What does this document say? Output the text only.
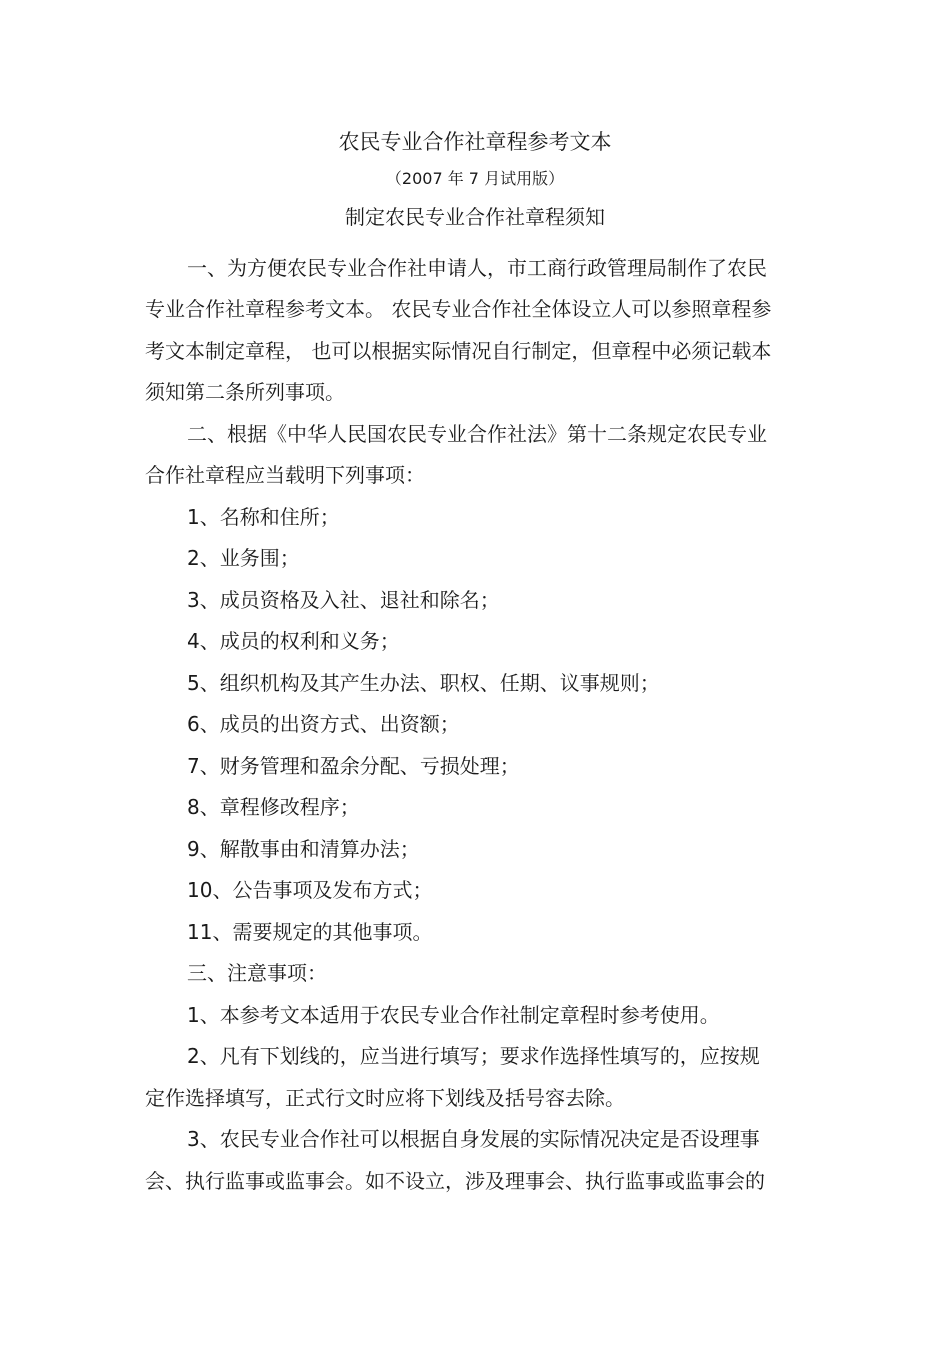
农民专业合作社章程参考文本
（2007 年 7 月试用版）
制定农民专业合作社章程须知
一、为方便农民专业合作社申请人，市工商行政管理局制作了农民
专业合作社章程参考文本。 农民专业合作社全体设立人可以参照章程参
考文本制定章程， 也可以根据实际情况自行制定，但章程中必须记载本
须知第二条所列事项。
二、根据《中华人民国农民专业合作社法》第十二条规定农民专业
合作社章程应当载明下列事项：
1、名称和住所；
2、业务围；
3、成员资格及入社、退社和除名；
4、成员的权利和义务；
5、组织机构及其产生办法、职权、任期、议事规则；
6、成员的出资方式、出资额；
7、财务管理和盈余分配、亏损处理；
8、章程修改程序；
9、解散事由和清算办法；
10、公告事项及发布方式；
11、需要规定的其他事项。
三、注意事项：
1、本参考文本适用于农民专业合作社制定章程时参考使用。
2、凡有下划线的，应当进行填写；要求作选择性填写的，应按规
定作选择填写，正式行文时应将下划线及括号容去除。
3、农民专业合作社可以根据自身发展的实际情况决定是否设理事
会、执行监事或监事会。如不设立，涉及理事会、执行监事或监事会的
